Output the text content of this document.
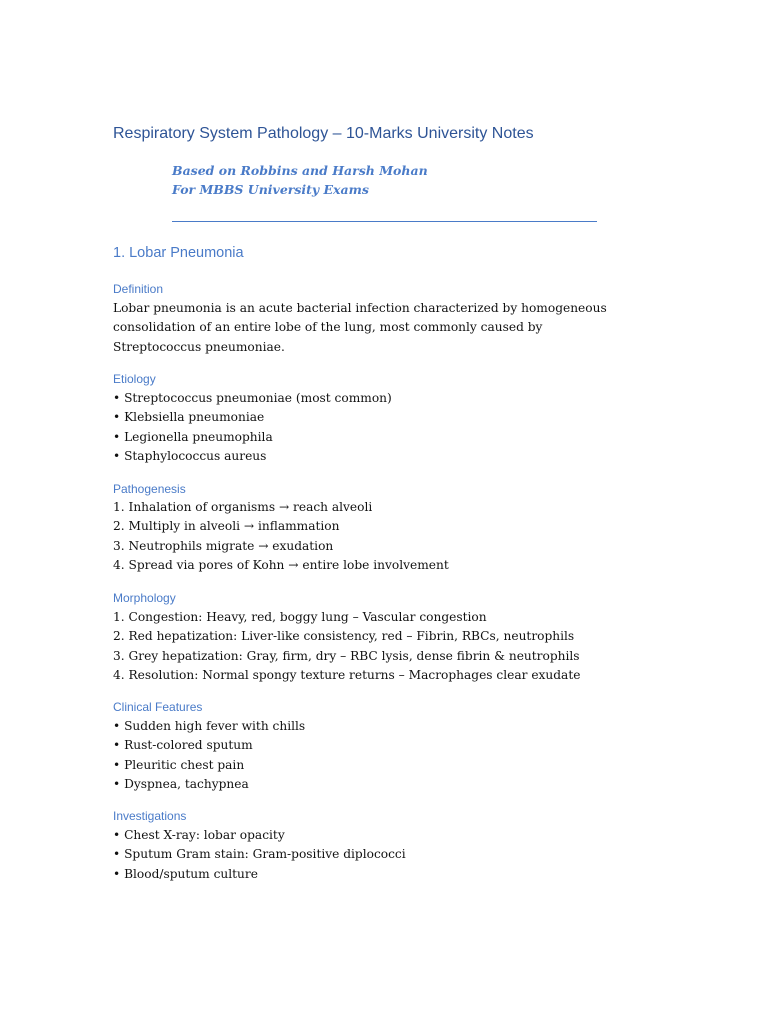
Respiratory System Pathology – 10-Marks University Notes

Based on Robbins and Harsh Mohan

For MBBS University Exams

1. Lobar Pneumonia
Definition

Lobar pneumonia is an acute bacterial infection characterized by homogeneous consolidation of an entire lobe of the lung, most commonly caused by Streptococcus pneumoniae.

Etiology
• Streptococcus pneumoniae (most common)
• Klebsiella pneumoniae
• Legionella pneumophila
• Staphylococcus aureus
Pathogenesis
1. Inhalation of organisms → reach alveoli
2. Multiply in alveoli → inflammation
3. Neutrophils migrate → exudation
4. Spread via pores of Kohn → entire lobe involvement
Morphology
1. Congestion: Heavy, red, boggy lung – Vascular congestion
2. Red hepatization: Liver-like consistency, red – Fibrin, RBCs, neutrophils
3. Grey hepatization: Gray, firm, dry – RBC lysis, dense fibrin & neutrophils
4. Resolution: Normal spongy texture returns – Macrophages clear exudate
Clinical Features
• Sudden high fever with chills
• Rust-colored sputum
• Pleuritic chest pain
• Dyspnea, tachypnea
Investigations
• Chest X-ray: lobar opacity
• Sputum Gram stain: Gram-positive diplococci
• Blood/sputum culture
